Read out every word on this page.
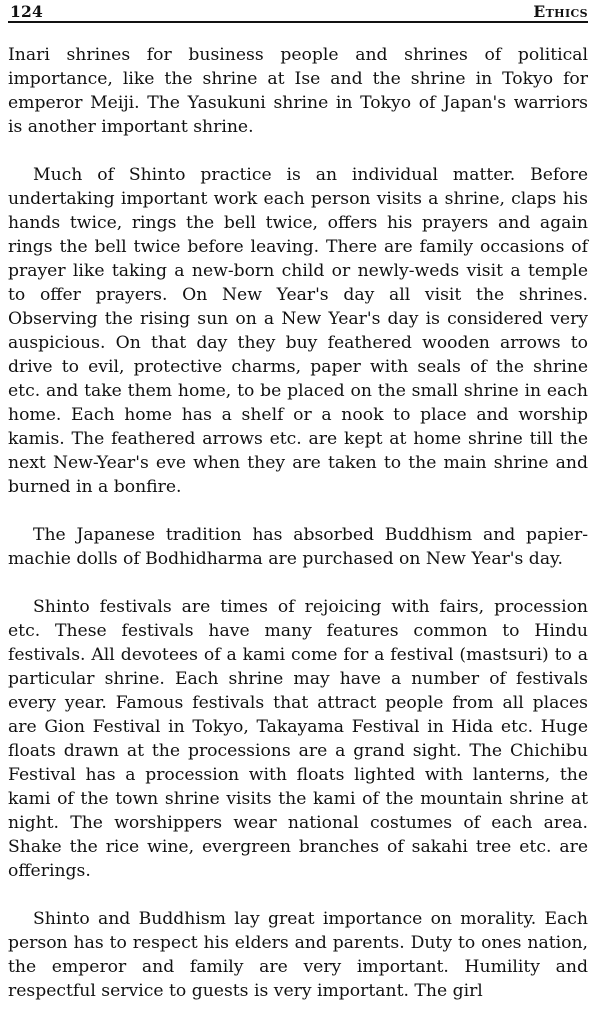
124	Ethics

Inari shrines for business people and shrines of political importance, like the shrine at Ise and the shrine in Tokyo for emperor Meiji. The Yasukuni shrine in Tokyo of Japan's warriors is another important shrine.

Much of Shinto practice is an individual matter. Before undertaking important work each person visits a shrine, claps his hands twice, rings the bell twice, offers his prayers and again rings the bell twice before leaving. There are family occasions of prayer like taking a new-born child or newly-weds visit a temple to offer prayers. On New Year's day all visit the shrines. Observing the rising sun on a New Year's day is considered very auspicious. On that day they buy feathered wooden arrows to drive to evil, protective charms, paper with seals of the shrine etc. and take them home, to be placed on the small shrine in each home. Each home has a shelf or a nook to place and worship kamis. The feathered arrows etc. are kept at home shrine till the next New-Year's eve when they are taken to the main shrine and burned in a bonfire.

The Japanese tradition has absorbed Buddhism and papier-machie dolls of Bodhidharma are purchased on New Year's day.

Shinto festivals are times of rejoicing with fairs, procession etc. These festivals have many features common to Hindu festivals. All devotees of a kami come for a festival (mastsuri) to a particular shrine. Each shrine may have a number of festivals every year. Famous festivals that attract people from all places are Gion Festival in Tokyo, Takayama Festival in Hida etc. Huge floats drawn at the processions are a grand sight. The Chichibu Festival has a procession with floats lighted with lanterns, the kami of the town shrine visits the kami of the mountain shrine at night. The worshippers wear national costumes of each area. Shake the rice wine, evergreen branches of sakahi tree etc. are offerings.

Shinto and Buddhism lay great importance on morality. Each person has to respect his elders and parents. Duty to ones nation, the emperor and family are very important. Humility and respectful service to guests is very important. The girl
